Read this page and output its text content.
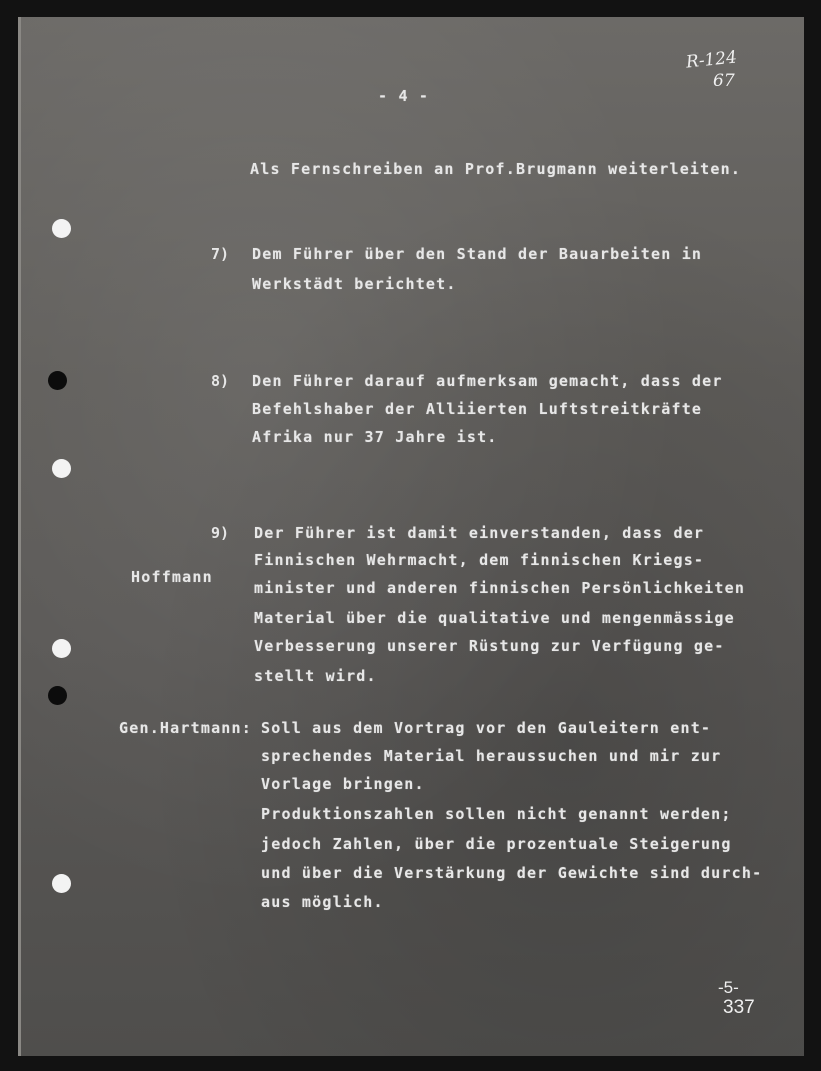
R-124
67
- 4 -
Als Fernschreiben an Prof.Brugmann weiterleiten.
7) Dem Führer über den Stand der Bauarbeiten in
Werkstädt berichtet.
8) Den Führer darauf aufmerksam gemacht, dass der
Befehlshaber der Alliierten Luftstreitkräfte
Afrika nur 37 Jahre ist.
9)
Hoffmann
Der Führer ist damit einverstanden, dass der
Finnischen Wehrmacht, dem finnischen Kriegs-
minister und anderen finnischen Persönlichkeiten
Material über die qualitative und mengenmässige
Verbesserung unserer Rüstung zur Verfügung ge-
stellt wird.
Gen.Hartmann: Soll aus dem Vortrag vor den Gauleitern ent-
sprechendes Material heraussuchen und mir zur
Vorlage bringen.
Produktionszahlen sollen nicht genannt werden;
jedoch Zahlen, über die prozentuale Steigerung
und über die Verstärkung der Gewichte sind durch-
aus möglich.
-5-
337
